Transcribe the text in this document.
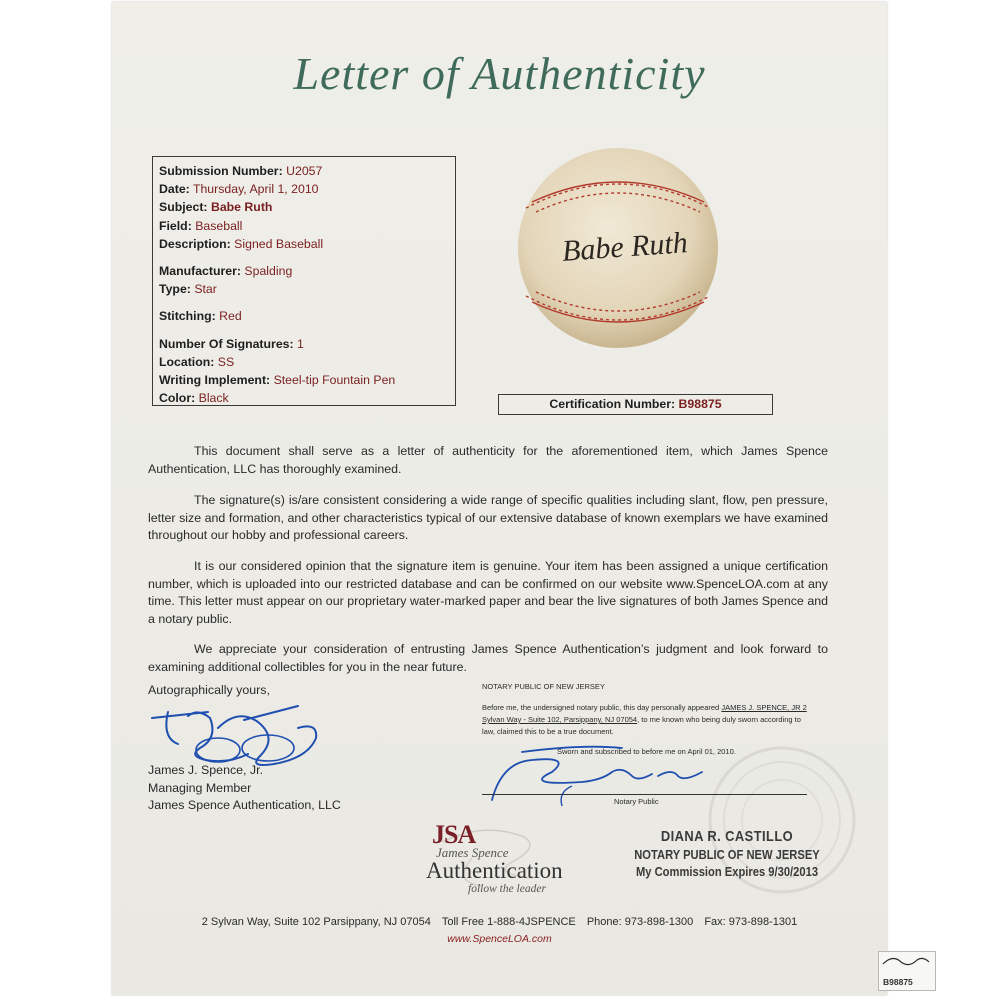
Letter of Authenticity
Submission Number: U2057
Date: Thursday, April 1, 2010
Subject: Babe Ruth
Field: Baseball
Description: Signed Baseball
Manufacturer: Spalding
Type: Star
Stitching: Red
Number Of Signatures: 1
Location: SS
Writing Implement: Steel-tip Fountain Pen
Color: Black
Babe Ruth
Certification Number: B98875

This document shall serve as a letter of authenticity for the aforementioned item, which James Spence Authentication, LLC has thoroughly examined.

The signature(s) is/are consistent considering a wide range of specific qualities including slant, flow, pen pressure, letter size and formation, and other characteristics typical of our extensive database of known exemplars we have examined throughout our hobby and professional careers.

It is our considered opinion that the signature item is genuine. Your item has been assigned a unique certification number, which is uploaded into our restricted database and can be confirmed on our website www.SpenceLOA.com at any time. This letter must appear on our proprietary water-marked paper and bear the live signatures of both James Spence and a notary public.

We appreciate your consideration of entrusting James Spence Authentication’s judgment and look forward to examining additional collectibles for you in the near future.

Autographically yours,
James J. Spence, Jr.
Managing Member
James Spence Authentication, LLC
NOTARY PUBLIC OF NEW JERSEY
Before me, the undersigned notary public, this day personally appeared JAMES J. SPENCE, JR 2 Sylvan Way - Suite 102, Parsippany, NJ 07054, to me known who being duly sworn according to law, claimed this to be a true document.
Sworn and subscribed to before me on April 01, 2010.
Notary Public
JSA
James Spence
Authentication
follow the leader
DIANA R. CASTILLO
NOTARY PUBLIC OF NEW JERSEY
My Commission Expires 9/30/2013
2 Sylvan Way, Suite 102 Parsippany, NJ 07054 Toll Free 1-888-4JSPENCE Phone: 973-898-1300 Fax: 973-898-1301
www.SpenceLOA.com
B98875
